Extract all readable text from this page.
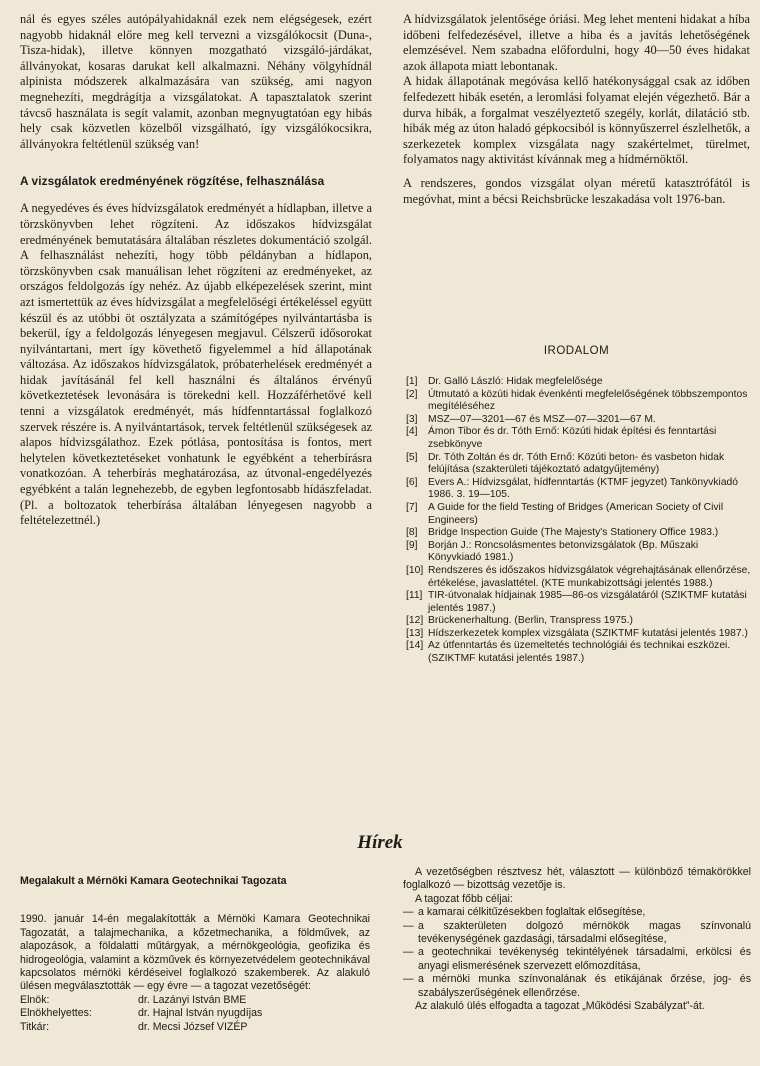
nál és egyes széles autópályahidaknál ezek nem elégségesek, ezért nagyobb hidaknál előre meg kell tervezni a vizsgálókocsit (Duna-, Tisza-hidak), illetve könnyen mozgatható vizsgáló-járdákat, állványokat, kosaras darukat kell alkalmazni. Néhány völgyhídnál alpinista módszerek alkalmazására van szükség, ami nagyon megnehezíti, megdrágítja a vizsgálatokat. A tapasztalatok szerint távcső használata is segít valamit, azonban megnyugtatóan egy hibás hely csak közvetlen közelből vizsgálható, így vizsgálókocsikra, állványokra feltétlenül szükség van!

A vizsgálatok eredményének rögzítése, felhasználása

A negyedéves és éves hídvizsgálatok eredményét a hídlapban, illetve a törzskönyvben lehet rögzíteni. Az időszakos hídvizsgálat eredményének bemutatására általában részletes dokumentáció szolgál. A felhasználást nehezíti, hogy több példányban a hídlapon, törzskönyvben csak manuálisan lehet rögzíteni az eredményeket, az országos feldolgozás így nehéz. Az újabb elképezelések szerint, mint azt ismertettük az éves hídvizsgálat a megfelelőségi értékeléssel együtt készül és az utóbbi öt osztályzata a számítógépes nyilvántartásba is bekerül, így a feldolgozás lényegesen megjavul. Célszerű idősorokat nyilvántartani, mert így követhető figyelemmel a híd állapotának változása. Az időszakos hídvizsgálatok, próbaterhelések eredményét a hidak javításánál fel kell használni és általános érvényű következtetések levonására is törekedni kell. Hozzáférhetővé kell tenni a vizsgálatok eredményét, más hídfenntartással foglalkozó szervek részére is. A nyilvántartások, tervek feltétlenül szükségesek az alapos hídvizsgálathoz. Ezek pótlása, pontosítása is fontos, mert helytelen következtetéseket vonhatunk le egyébként a teherbírásra vonatkozóan. A teherbírás meghatározása, az útvonal-engedélyezés egyébként a talán legnehezebb, de egyben legfontosabb hídászfeladat. (Pl. a boltozatok teherbírása általában lényegesen nagyobb a feltételezettnél.)

A hídvizsgálatok jelentősége óriási. Meg lehet menteni hidakat a híba időbeni felfedezésével, illetve a hiba és a javítás lehetőségének elemzésével. Nem szabadna előfordulni, hogy 40—50 éves hidakat azok állapota miatt lebontanak.

A hidak állapotának megóvása kellő hatékonysággal csak az időben felfedezett hibák esetén, a leromlási folyamat elején végezhető. Bár a durva hibák, a forgalmat veszélyeztető szegély, korlát, dilatáció stb. hibák még az úton haladó gépkocsiból is könnyűszerrel észlelhetők, a szerkezetek komplex vizsgálata nagy szakértelmet, türelmet, folyamatos nagy aktivitást kívánnak meg a hídmérnöktől.

A rendszeres, gondos vizsgálat olyan méretű katasztrófától is megóvhat, mint a bécsi Reichsbrücke leszakadása volt 1976-ban.

IRODALOM
[1]	Dr. Galló László: Hidak megfelelősége
[2]	Útmutató a közúti hidak évenkénti megfelelőségének többszempontos megítéléséhez
[3]	MSZ—07—3201—67 és MSZ—07—3201—67 M.
[4]	Ámon Tibor és dr. Tóth Ernő: Közúti hidak építési és fenntartási zsebkönyve
[5]	Dr. Tóth Zoltán és dr. Tóth Ernő: Közúti beton- és vasbeton hidak felújítása (szakterületi tájékoztató adatgyűjtemény)
[6]	Evers A.: Hídvizsgálat, hídfenntartás (KTMF jegyzet) Tankönyvkiadó 1986. 3. 19—105.
[7]	A Guide for the field Testing of Bridges (American Society of Civil Engineers)
[8]	Bridge Inspection Guide (The Majesty's Stationery Office 1983.)
[9]	Borján J.: Roncsolásmentes betonvizsgálatok (Bp. Műszaki Könyvkiadó 1981.)
[10] Rendszeres és időszakos hídvizsgálatok végrehajtásának ellenőrzése, értékelése, javaslattétel. (KTE munkabizottsági jelentés 1988.)
[11] TIR-útvonalak hídjainak 1985—86-os vizsgálatáról (SZIKTMF kutatási jelentés 1987.)
[12] Brückenerhaltung. (Berlin, Transpress 1975.)
[13] Hídszerkezetek komplex vizsgálata (SZIKTMF kutatási jelentés 1987.)
[14] Az útfenntartás és üzemeltetés technológiái és technikai eszközei. (SZIKTMF kutatási jelentés 1987.)
Hírek
Megalakult a Mérnöki Kamara Geotechnikai Tagozata

1990. január 14-én megalakították a Mérnöki Kamara Geotechnikai Tagozatát, a talajmechanika, a kőzetmechanika, a földművek, az alapozások, a földalatti műtárgyak, a mérnökgeológia, geofizika és hidrogeológia, valamint a közművek és környezetvédelem geotechnikával kapcsolatos mérnöki kérdéseivel foglalkozó szakemberek. Az alakuló ülésen megválasztották — egy évre — a tagozat vezetőségét:

Elnök:	dr. Lazányi István BME
Elnökhelyettes:	dr. Hajnal István nyugdíjas
Titkár:	dr. Mecsi József VIZÉP

A vezetőségben résztvesz hét, választott — különböző témakörökkel foglalkozó — bizottság vezetője is.

A tagozat főbb céljai:

— a kamarai célkitűzésekben foglaltak elősegítése,
— a szakterületen dolgozó mérnökök magas színvonalú tevékenységének gazdasági, társadalmi elősegítése,
— a geotechnikai tevékenység tekintélyének társadalmi, erkölcsi és anyagi elismerésének szervezett előmozdítása,
— a mérnöki munka színvonalának és etikájának őrzése, jog- és szabályszerűségének ellenőrzése.

Az alakuló ülés elfogadta a tagozat „Működési Szabályzat”-át.
